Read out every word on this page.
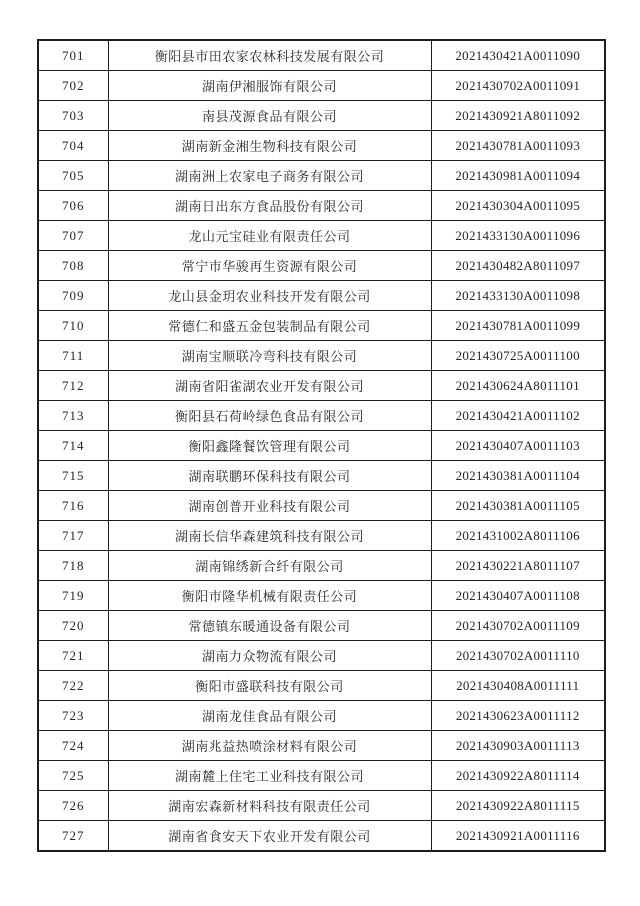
701	衡阳县市田农家农林科技发展有限公司	2021430421A0011090
702	湖南伊湘服饰有限公司	2021430702A0011091
703	南县茂源食品有限公司	2021430921A8011092
704	湖南新金湘生物科技有限公司	2021430781A0011093
705	湖南洲上农家电子商务有限公司	2021430981A0011094
706	湖南日出东方食品股份有限公司	2021430304A0011095
707	龙山元宝硅业有限责任公司	2021433130A0011096
708	常宁市华骏再生资源有限公司	2021430482A8011097
709	龙山县金玥农业科技开发有限公司	2021433130A0011098
710	常德仁和盛五金包装制品有限公司	2021430781A0011099
711	湖南宝顺联冷弯科技有限公司	2021430725A0011100
712	湖南省阳雀湖农业开发有限公司	2021430624A8011101
713	衡阳县石荷岭绿色食品有限公司	2021430421A0011102
714	衡阳鑫隆餐饮管理有限公司	2021430407A0011103
715	湖南联鹏环保科技有限公司	2021430381A0011104
716	湖南创普开业科技有限公司	2021430381A0011105
717	湖南长信华森建筑科技有限公司	2021431002A8011106
718	湖南锦绣新合纤有限公司	2021430221A8011107
719	衡阳市隆华机械有限责任公司	2021430407A0011108
720	常德镇东暖通设备有限公司	2021430702A0011109
721	湖南力众物流有限公司	2021430702A0011110
722	衡阳市盛联科技有限公司	2021430408A0011111
723	湖南龙佳食品有限公司	2021430623A0011112
724	湖南兆益热喷涂材料有限公司	2021430903A0011113
725	湖南麓上住宅工业科技有限公司	2021430922A8011114
726	湖南宏森新材料科技有限责任公司	2021430922A8011115
727	湖南省食安天下农业开发有限公司	2021430921A0011116
